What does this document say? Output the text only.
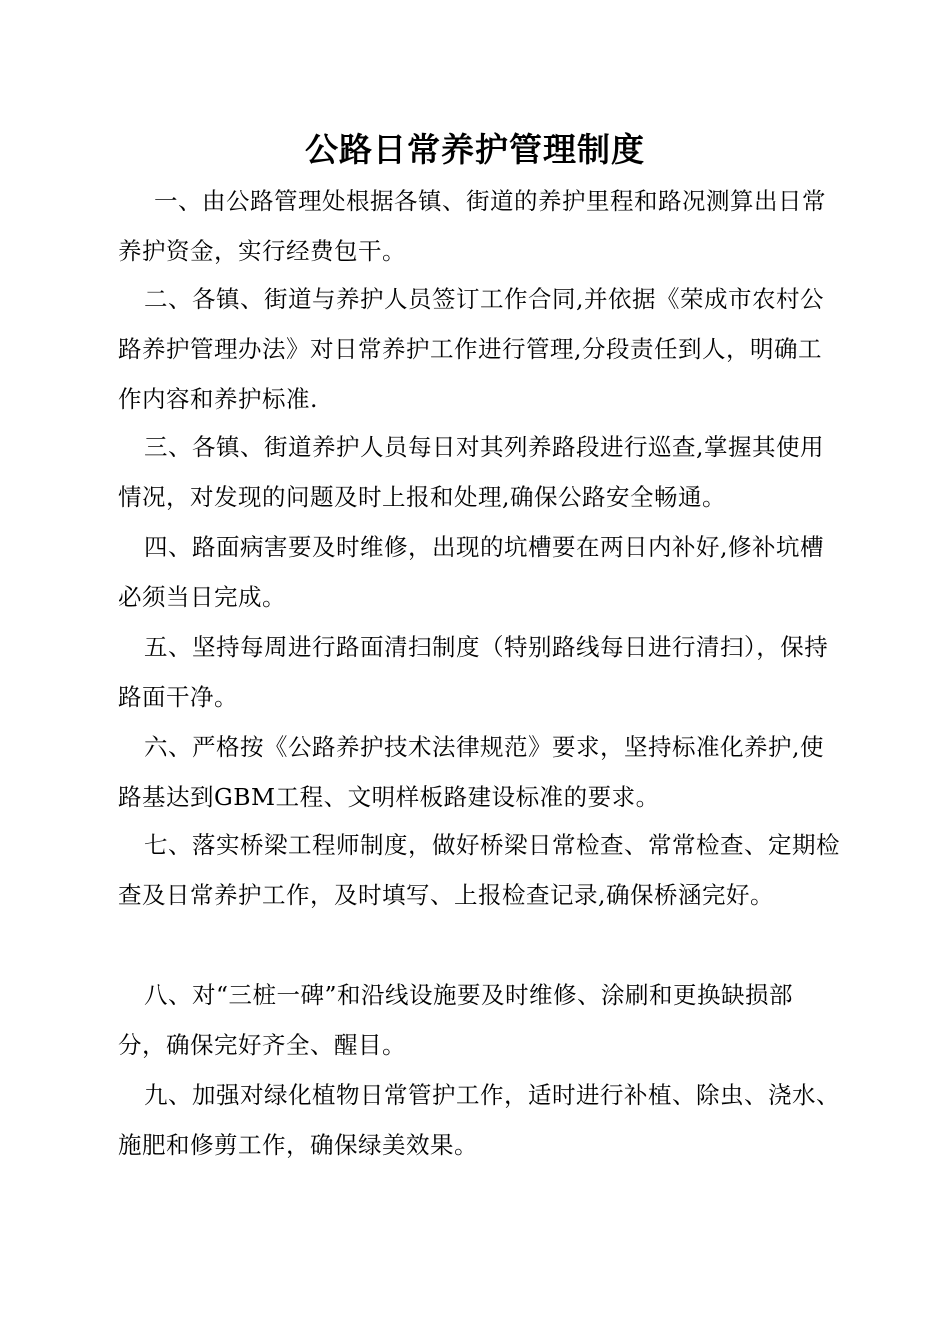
公路日常养护管理制度

一、由公路管理处根据各镇、街道的养护里程和路况测算出日常养护资金，实行经费包干。

二、各镇、街道与养护人员签订工作合同,并依据《荣成市农村公路养护管理办法》对日常养护工作进行管理,分段责任到人，明确工作内容和养护标准.

三、各镇、街道养护人员每日对其列养路段进行巡查,掌握其使用情况，对发现的问题及时上报和处理,确保公路安全畅通。

四、路面病害要及时维修，出现的坑槽要在两日内补好,修补坑槽必须当日完成。

五、坚持每周进行路面清扫制度（特别路线每日进行清扫），保持路面干净。

六、严格按《公路养护技术法律规范》要求，坚持标准化养护,使路基达到GBM工程、文明样板路建设标准的要求。

七、落实桥梁工程师制度，做好桥梁日常检查、常常检查、定期检查及日常养护工作，及时填写、上报检查记录,确保桥涵完好。

八、对“三桩一碑”和沿线设施要及时维修、涂刷和更换缺损部分，确保完好齐全、醒目。

九、加强对绿化植物日常管护工作，适时进行补植、除虫、浇水、施肥和修剪工作，确保绿美效果。
